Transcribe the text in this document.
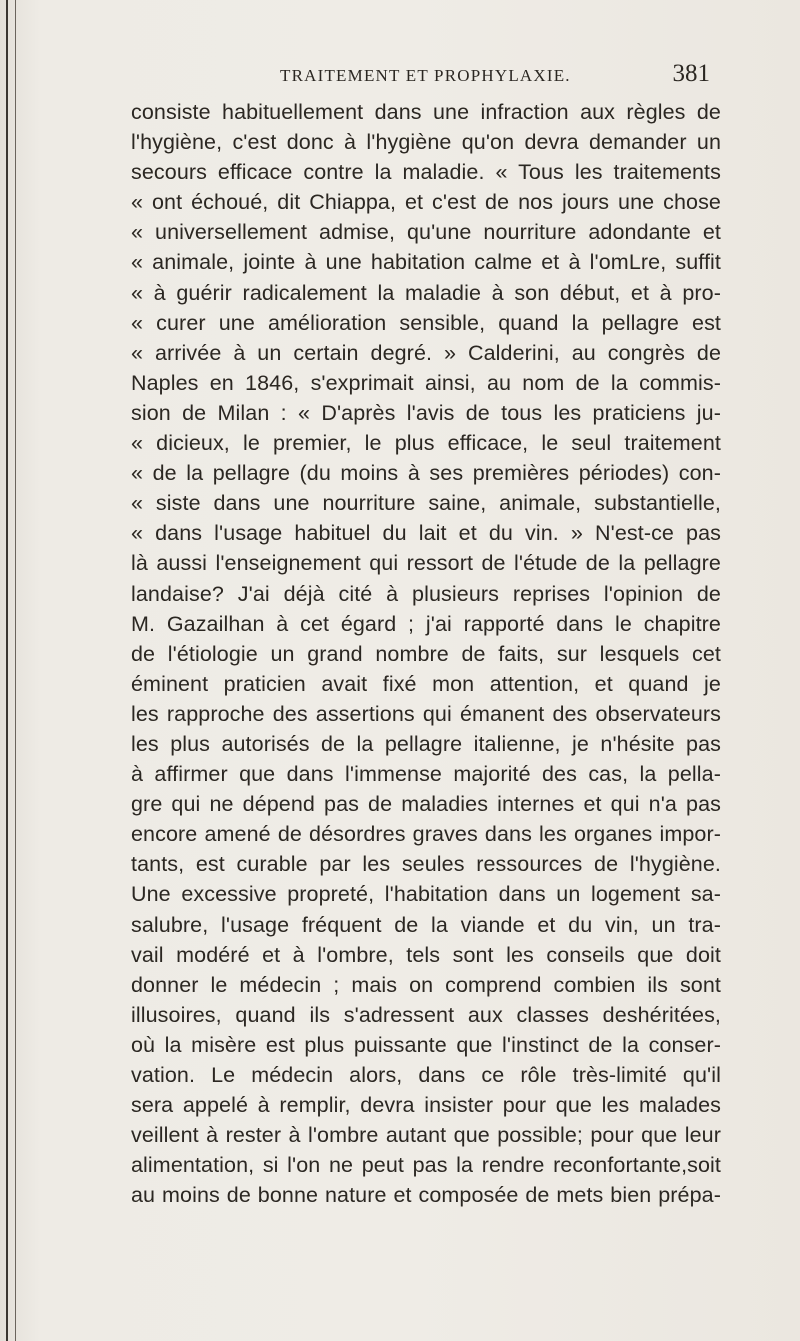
TRAITEMENT ET PROPHYLAXIE.	381
consiste habituellement dans une infraction aux règles de
l'hygiène, c'est donc à l'hygiène qu'on devra demander un
secours efficace contre la maladie. « Tous les traitements
« ont échoué, dit Chiappa, et c'est de nos jours une chose
« universellement admise, qu'une nourriture adondante et
« animale, jointe à une habitation calme et à l'omLre, suffit
« à guérir radicalement la maladie à son début, et à pro-
« curer une amélioration sensible, quand la pellagre est
« arrivée à un certain degré. » Calderini, au congrès de
Naples en 1846, s'exprimait ainsi, au nom de la commis-
sion de Milan : « D'après l'avis de tous les praticiens ju-
« dicieux, le premier, le plus efficace, le seul traitement
« de la pellagre (du moins à ses premières périodes) con-
« siste dans une nourriture saine, animale, substantielle,
« dans l'usage habituel du lait et du vin. » N'est-ce pas
là aussi l'enseignement qui ressort de l'étude de la pellagre
landaise? J'ai déjà cité à plusieurs reprises l'opinion de
M. Gazailhan à cet égard ; j'ai rapporté dans le chapitre
de l'étiologie un grand nombre de faits, sur lesquels cet
éminent praticien avait fixé mon attention, et quand je
les rapproche des assertions qui émanent des observateurs
les plus autorisés de la pellagre italienne, je n'hésite pas
à affirmer que dans l'immense majorité des cas, la pella-
gre qui ne dépend pas de maladies internes et qui n'a pas
encore amené de désordres graves dans les organes impor-
tants, est curable par les seules ressources de l'hygiène.
Une excessive propreté, l'habitation dans un logement sa-
salubre, l'usage fréquent de la viande et du vin, un tra-
vail modéré et à l'ombre, tels sont les conseils que doit
donner le médecin ; mais on comprend combien ils sont
illusoires, quand ils s'adressent aux classes deshéritées,
où la misère est plus puissante que l'instinct de la conser-
vation. Le médecin alors, dans ce rôle très-limité qu'il
sera appelé à remplir, devra insister pour que les malades
veillent à rester à l'ombre autant que possible; pour que leur
alimentation, si l'on ne peut pas la rendre reconfortante,soit
au moins de bonne nature et composée de mets bien prépa-
